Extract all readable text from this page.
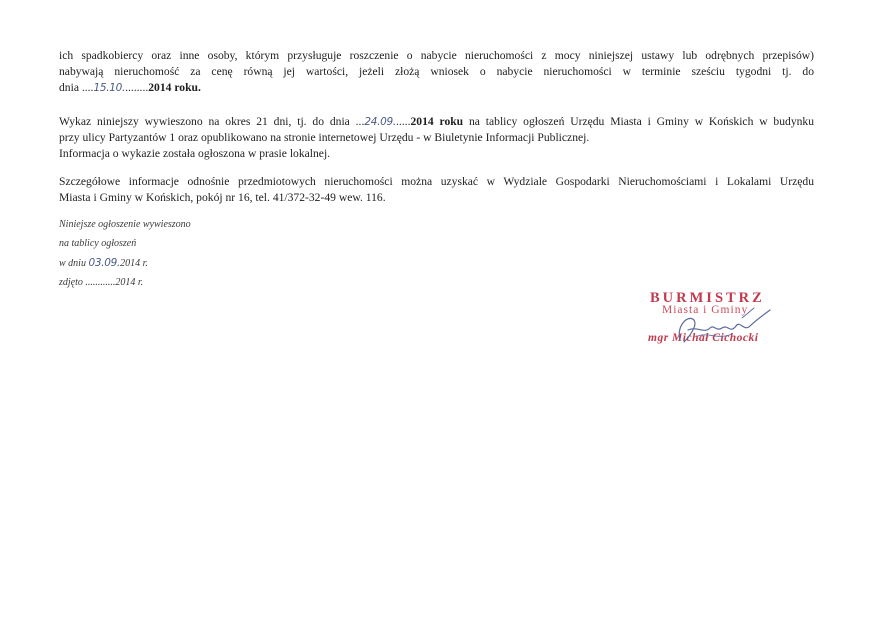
ich spadkobiercy oraz inne osoby, którym przysługuje roszczenie o nabycie nieruchomości z mocy niniejszej ustawy lub odrębnych przepisów)
nabywają nieruchomość za cenę równą jej wartości, jeżeli złożą wniosek o nabycie nieruchomości w terminie sześciu tygodni tj. do
dnia ....15.10.........2014 roku.
Wykaz niniejszy wywieszono na okres 21 dni, tj. do dnia ...24.09......2014 roku na tablicy ogłoszeń Urzędu Miasta i Gminy w Końskich w budynku
przy ulicy Partyzantów 1 oraz opublikowano na stronie internetowej Urzędu - w Biuletynie Informacji Publicznej.
Informacja o wykazie została ogłoszona w prasie lokalnej.
Szczegółowe informacje odnośnie przedmiotowych nieruchomości można uzyskać w Wydziale Gospodarki Nieruchomościami i Lokalami Urzędu
Miasta i Gminy w Końskich, pokój nr 16, tel. 41/372-32-49 wew. 116.
Niniejsze ogłoszenie wywieszono
na tablicy ogłoszeń
w dniu 03.09.2014 r.
zdjęto ............2014 r.
BURMISTRZ
Miasta i Gminy
mgr Michał Cichocki
